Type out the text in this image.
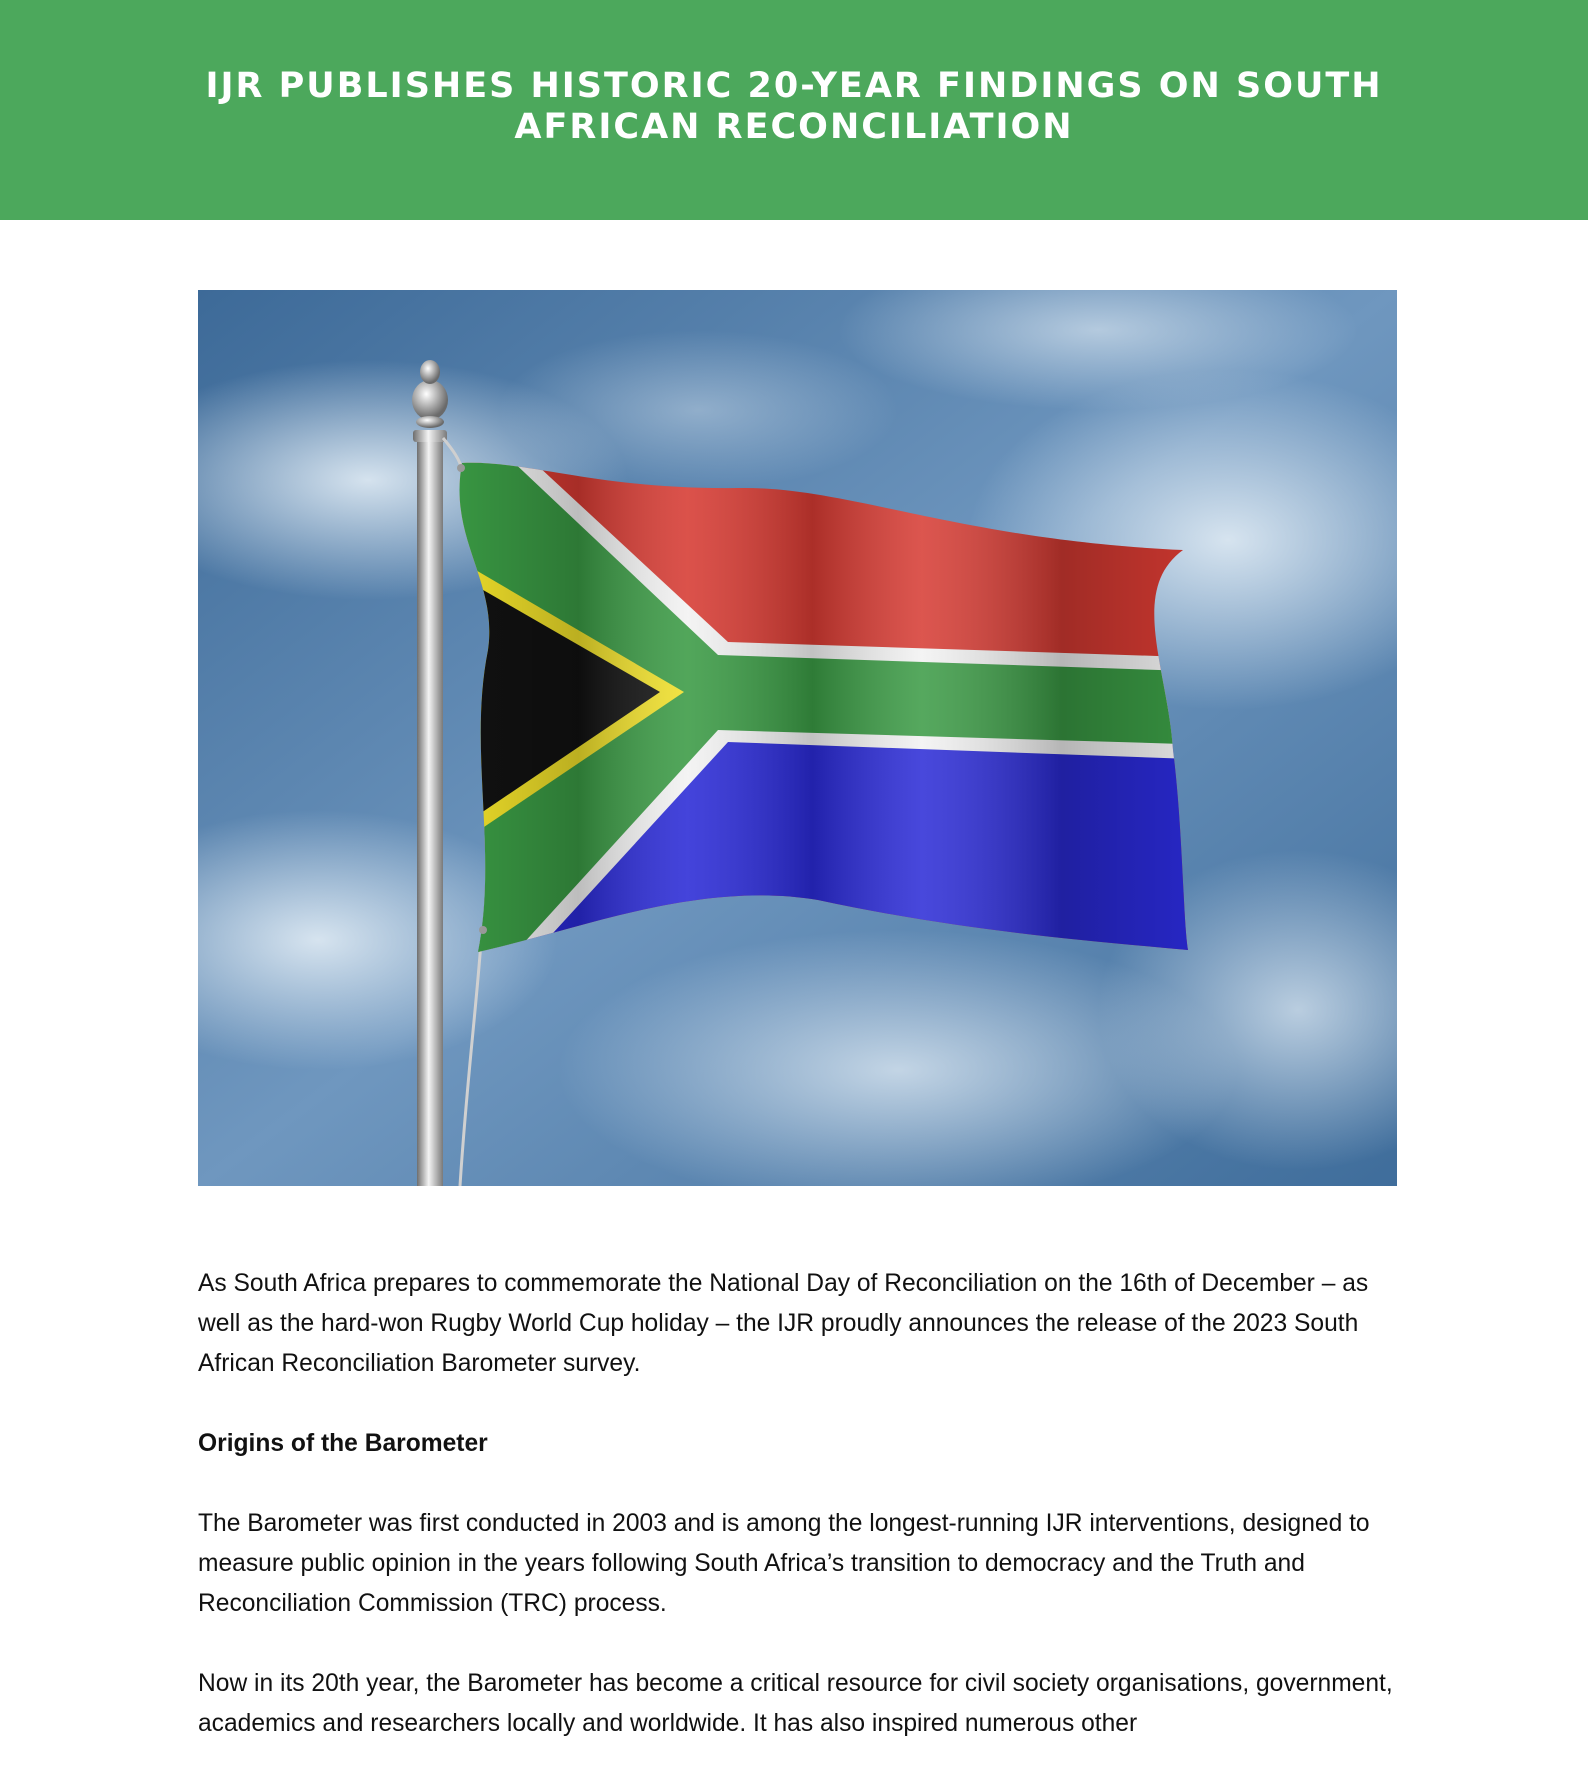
IJR PUBLISHES HISTORIC 20-YEAR FINDINGS ON SOUTH AFRICAN RECONCILIATION

As South Africa prepares to commemorate the National Day of Reconciliation on the 16th of December – as well as the hard-won Rugby World Cup holiday – the IJR proudly announces the release of the 2023 South African Reconciliation Barometer survey.

Origins of the Barometer

The Barometer was first conducted in 2003 and is among the longest-running IJR interventions, designed to measure public opinion in the years following South Africa’s transition to democracy and the Truth and Reconciliation Commission (TRC) process.

Now in its 20th year, the Barometer has become a critical resource for civil society organisations, government, academics and researchers locally and worldwide. It has also inspired numerous other
